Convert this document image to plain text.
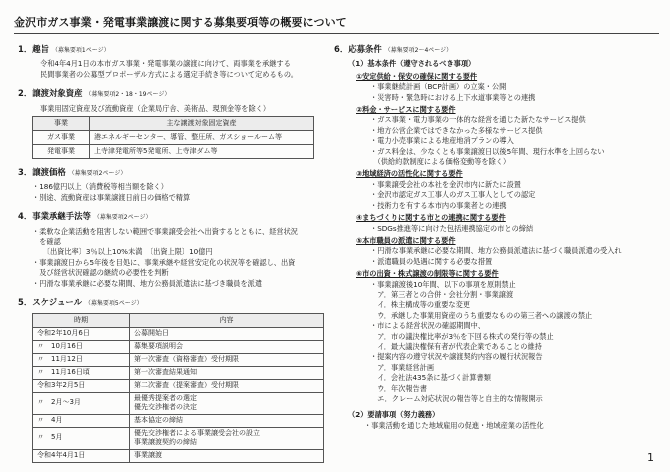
金沢市ガス事業・発電事業譲渡に関する募集要項等の概要について
1．趣旨 （募集要項1ページ）
令和4年4月1日の本市ガス事業・発電事業の譲渡に向けて、両事業を承継する
民間事業者の公募型プロポーザル方式による選定手続き等について定めるもの。
2．譲渡対象資産 （募集要項2・18・19ページ）
事業用固定資産及び流動資産（企業局庁舎、美術品、現預金等を除く）
事業	主な譲渡対象固定資産
ガス事業	港エネルギーセンター、導管、整圧所、ガスショールーム等
発電事業	上寺津発電所等5発電所、上寺津ダム等
3．譲渡価格 （募集要項2ページ）
・186億円以上（消費税等相当額を除く）
・別途、流動資産は事業譲渡日前日の価格で精算
4．事業承継手法等 （募集要項2ページ）
・柔軟な企業活動を阻害しない範囲で事業譲受会社へ出資するとともに、経営状況
　を確認
　　〔出資比率〕3％以上10%未満　〔出資上限〕10億円
・事業譲渡日から5年後を目処に、事業承継や経営安定化の状況等を確認し、出資
　及び経営状況確認の継続の必要性を判断
・円滑な事業承継に必要な期間、地方公務員派遣法に基づき職員を派遣
5．スケジュール （募集要項5ページ）
時期	内容
令和2年10月6日	公募開始日
〃　10月16日	募集要項説明会
〃　11月12日	第一次審査（資格審査）受付期限
〃　11月16日頃	第一次審査結果通知
令和3年2月5日	第二次審査（提案審査）受付期限
〃　2月～3月	最優秀提案者の選定
優先交渉権者の決定

〃　4月	基本協定の締結
〃　5月	優先交渉権者による事業譲受会社の設立
事業譲渡契約の締結

令和4年4月1日	事業譲渡
6．応募条件 （募集要項2～4ページ）
（1）基本条件（遵守されるべき事項）
①安定供給・保安の確保に関する要件
・事業継続計画（BCP計画）の立案・公開
・災害時・緊急時における上下水道事業等との連携
②料金・サービスに関する要件
・ガス事業・電力事業の一体的な経営を通じた新たなサービス提供
・地方公営企業ではできなかった多様なサービス提供
・電力小売事業による地産地消プランの導入
・ガス料金は、少なくとも事業譲渡日以後5年間、現行水準を上回らない
　（供給約款制度による価格変動等を除く）
③地域経済の活性化に関する要件
・事業譲受会社の本社を金沢市内に新たに設置
・金沢市認定ガス工事人のガス工事人としての認定
・技術力を有する本市内の事業者との連携
④まちづくりに関する市との連携に関する要件
・SDGs推進等に向けた包括連携協定の市との締結
⑤本市職員の派遣に関する要件
・円滑な事業承継に必要な期間、地方公務員派遣法に基づく職員派遣の受入れ
・派遣職員の処遇に関する必要な措置
⑥市の出資・株式譲渡の制限等に関する要件
・事業譲渡後10年間、以下の事項を原則禁止
　ア．第三者との合併・会社分割・事業譲渡
　イ．株主構成等の重要な変更
　ウ．承継した事業用資産のうち重要なものの第三者への譲渡の禁止
・市による経営状況の確認期間中、
　ア．市の議決権比率が3％を下回る株式の発行等の禁止
　イ．最大議決権保有者が代表企業であることの維持
・提案内容の遵守状況や譲渡契約内容の履行状況報告
　ア．事業経営計画
　イ．会社法435条に基づく計算書類
　ウ．年次報告書
　エ．クレーム対応状況の報告等と自主的な情報開示
（2）要請事項（努力義務）
・事業活動を通じた地域雇用の促進・地域産業の活性化
1
